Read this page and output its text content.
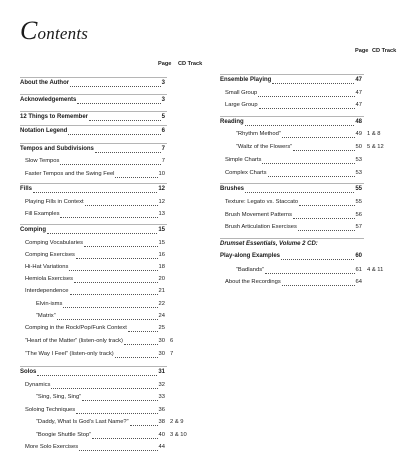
Contents
Page CD Track
About the Author	3
Acknowledgements	3
12 Things to Remember	5
Notation Legend	6
Tempos and Subdivisions	7
Slow Tempos	7
Faster Tempos and the Swing Feel	10
Fills	12
Playing Fills in Context	12
Fill Examples	13
Comping	15
Comping Vocabularies	15
Comping Exercises	16
Hi-Hat Variations	18
Hemiola Exercises	20
Interdependence	21
Elvin-isms	22
“Matrix”	24
Comping in the Rock/Pop/Funk Context	25
“Heart of the Matter” (listen-only track)	30 6
“The Way I Feel” (listen-only track)	30 7
Solos	31
Dynamics	32
“Sing, Sing, Sing”	33
Soloing Techniques	36
“Daddy, What Is God’s Last Name?”	38 2 & 9
“Boogie Shuttle Stop”	40 3 & 10
More Solo Exercises	44
Page CD Track
Ensemble Playing	47
Small Group	47
Large Group	47
Reading	48
“Rhythm Method”	49 1 & 8
“Waltz of the Flowers”	50 5 & 12
Simple Charts	53
Complex Charts	53
Brushes	55
Texture: Legato vs. Staccato	55
Brush Movement Patterns	56
Brush Articulation Exercises	57
Drumset Essentials, Volume 2 CD:
Play-along Examples	60
“Badlands”	61 4 & 11
About the Recordings	64
